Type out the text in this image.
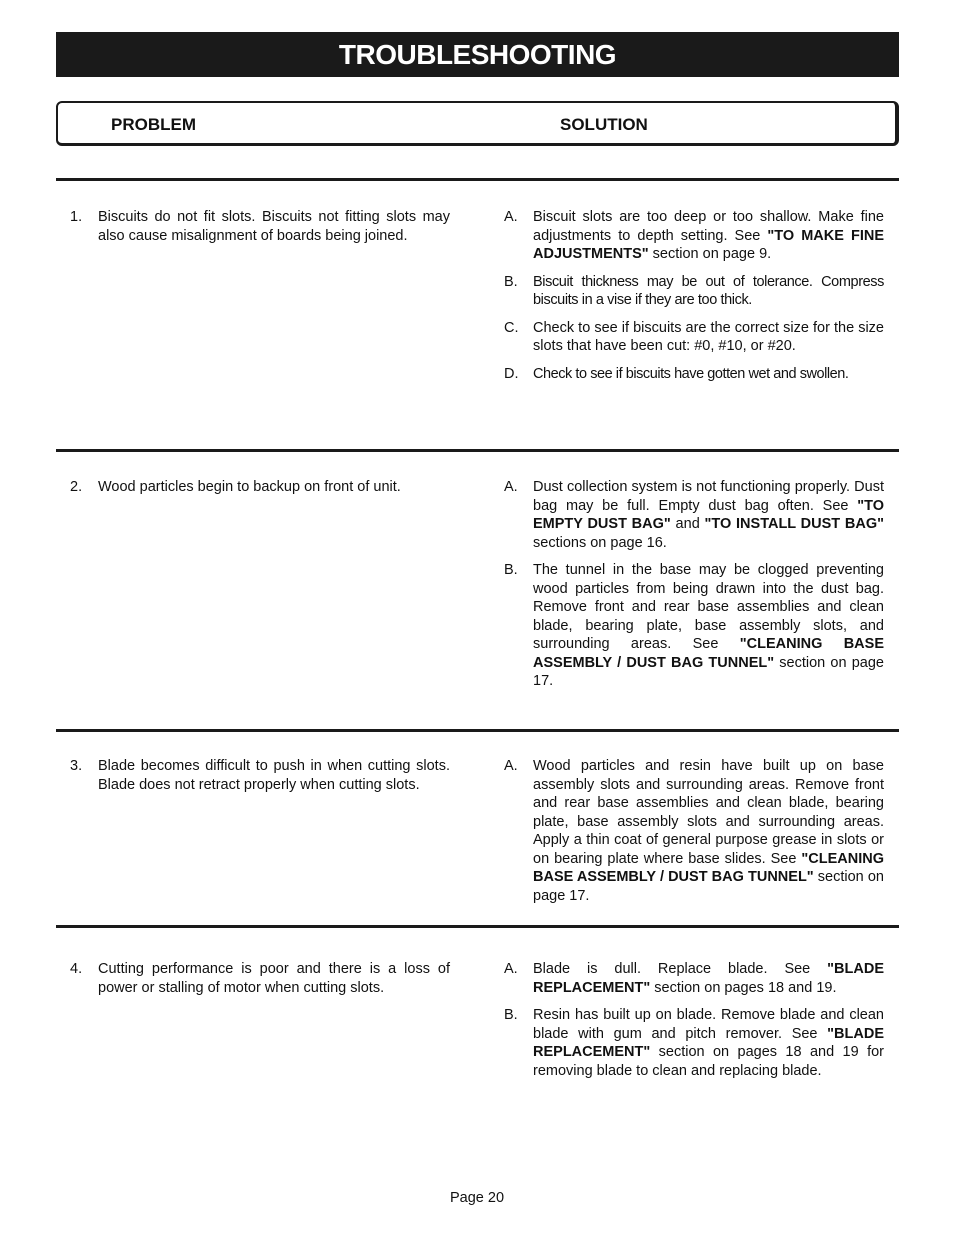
TROUBLESHOOTING
PROBLEM	SOLUTION
1.	Biscuits do not fit slots. Biscuits not fitting slots may also cause misalignment of boards being joined.
A.	Biscuit slots are too deep or too shallow. Make fine adjustments to depth setting. See "TO MAKE FINE ADJUSTMENTS" section on page 9.
B.	Biscuit thickness may be out of tolerance. Compress biscuits in a vise if they are too thick.
C.	Check to see if biscuits are the correct size for the size slots that have been cut: #0, #10, or #20.
D.	Check to see if biscuits have gotten wet and swollen.
2.	Wood particles begin to backup on front of unit.	A.	Dust collection system is not functioning properly. Dust bag may be full. Empty dust bag often. See "TO EMPTY DUST BAG" and "TO INSTALL DUST BAG" sections on page 16.
B.	The tunnel in the base may be clogged preventing wood particles from being drawn into the dust bag. Remove front and rear base assemblies and clean blade, bearing plate, base assembly slots, and surrounding areas. See "CLEANING BASE ASSEMBLY / DUST BAG TUNNEL" section on page 17.
3.	Blade becomes difficult to push in when cutting slots. Blade does not retract properly when cutting slots.
A.	Wood particles and resin have built up on base assembly slots and surrounding areas. Remove front and rear base assemblies and clean blade, bearing plate, base assembly slots and surrounding areas. Apply a thin coat of general purpose grease in slots or on bearing plate where base slides. See "CLEANING BASE ASSEMBLY / DUST BAG TUNNEL" section on page 17.
4.	Cutting performance is poor and there is a loss of power or stalling of motor when cutting slots.
A.	Blade is dull. Replace blade. See "BLADE REPLACEMENT" section on pages 18 and 19.
B.	Resin has built up on blade. Remove blade and clean blade with gum and pitch remover. See "BLADE REPLACEMENT" section on pages 18 and 19 for removing blade to clean and replacing blade.
Page 20
